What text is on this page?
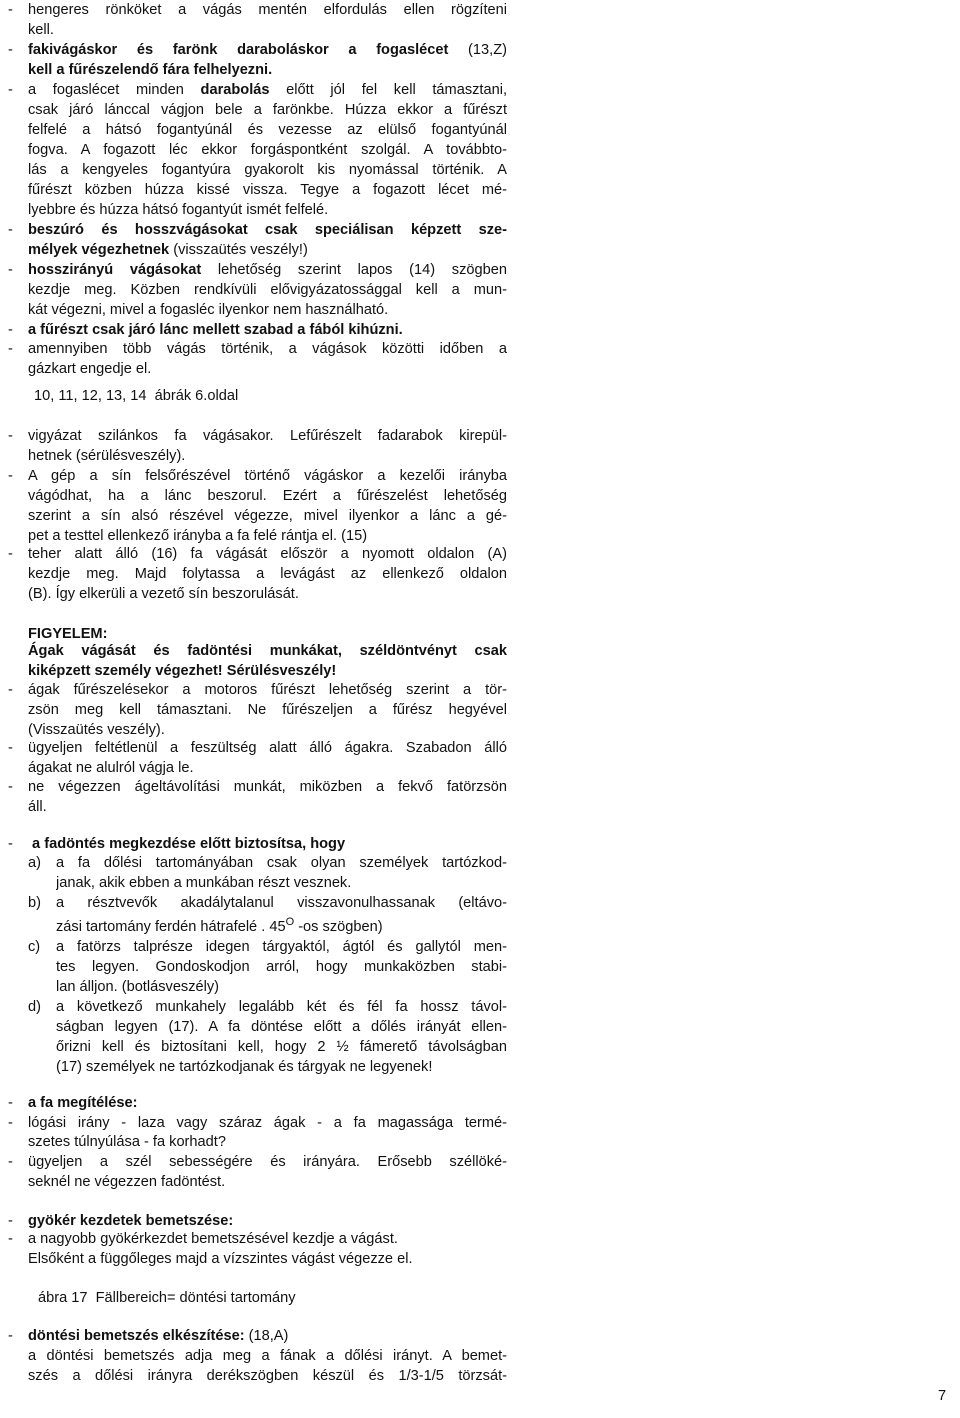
- hengeres rönköket a vágás mentén elfordulás ellen rögzíteni
kell.
- fakivágáskor és farönk daraboláskor a fogaslécet (13,Z)
kell a fűrészelendő fára felhelyezni.
- a fogaslécet minden darabolás előtt jól fel kell támasztani,
csak járó lánccal vágjon bele a farönkbe. Húzza ekkor a fűrészt
felfelé a hátsó fogantyúnál és vezesse az elülső fogantyúnál
fogva. A fogazott léc ekkor forgáspontként szolgál. A továbbto-
lás a kengyeles fogantyúra gyakorolt kis nyomással történik. A
fűrészt közben húzza kissé vissza. Tegye a fogazott lécet mé-
lyebbre és húzza hátsó fogantyút ismét felfelé.
- beszúró és hosszvágásokat csak speciálisan képzett sze-
mélyek végezhetnek (visszaütés veszély!)
- hosszirányú vágásokat lehetőség szerint lapos (14) szögben
kezdje meg. Közben rendkívüli elővigyázatossággal kell a mun-
kát végezni, mivel a fogasléc ilyenkor nem használható.
- a fűrészt csak járó lánc mellett szabad a fából kihúzni.
- amennyiben több vágás történik, a vágások közötti időben a
gázkart engedje el.
10, 11, 12, 13, 14  ábrák 6.oldal
- vigyázat szilánkos fa vágásakor. Lefűrészelt fadarabok kirepül-
hetnek (sérülésveszély).
- A gép a sín felsőrészével történő vágáskor a kezelői irányba
vágódhat, ha a lánc beszorul. Ezért a fűrészelést lehetőség
szerint a sín alsó részével végezze, mivel ilyenkor a lánc a gé-
pet a testtel ellenkező irányba a fa felé rántja el. (15)
- teher alatt álló (16) fa vágását először a nyomott oldalon (A)
kezdje meg. Majd folytassa a levágást az ellenkező oldalon
(B). Így elkerüli a vezető sín beszorulását.
FIGYELEM:
Ágak vágását és fadöntési munkákat, széldöntvényt csak
kiképzett személy végezhet! Sérülésveszély!
- ágak fűrészelésekor a motoros fűrészt lehetőség szerint a tör-
zsön meg kell támasztani. Ne fűrészeljen a fűrész hegyével
(Visszaütés veszély).
- ügyeljen feltétlenül a feszültség alatt álló ágakra. Szabadon álló
ágakat ne alulról vágja le.
- ne végezzen ágeltávolítási munkát, miközben a fekvő fatörzsön
áll.
- a fadöntés megkezdése előtt biztosítsa, hogy
a) a fa dőlési tartományában csak olyan személyek tartózkod-
janak, akik ebben a munkában részt vesznek.
b) a résztvevők akadálytalanul visszavonulhassanak (eltávo-
zási tartomány ferdén hátrafelé . $45^O$ -os szögben)
c) a fatörzs talprésze idegen tárgyaktól, ágtól és gallytól men-
tes legyen. Gondoskodjon arról, hogy munkaközben stabi-
lan álljon. (botlásveszély)
d) a következő munkahely legalább két és fél fa hossz távol-
ságban legyen (17). A fa döntése előtt a dőlés irányát ellen-
őrizni kell és biztosítani kell, hogy 2 ½ fámerető távolságban
(17) személyek ne tartózkodjanak és tárgyak ne legyenek!
- a fa megítélése:
- lógási irány - laza vagy száraz ágak - a fa magassága termé-
szetes túlnyúlása - fa korhadt?
- ügyeljen a szél sebességére és irányára. Erősebb széllöké-
seknél ne végezzen fadöntést.
- gyökér kezdetek bemetszése:
- a nagyobb gyökérkezdet bemetszésével kezdje a vágást.
Elsőként a függőleges majd a vízszintes vágást végezze el.
ábra 17  Fällbereich= döntési tartomány
- döntési bemetszés elkészítése: (18,A)
a döntési bemetszés adja meg a fának a dőlési irányt. A bemet-
szés a dőlési irányra derékszögben készül és 1/3-1/5 törzsát-
7
